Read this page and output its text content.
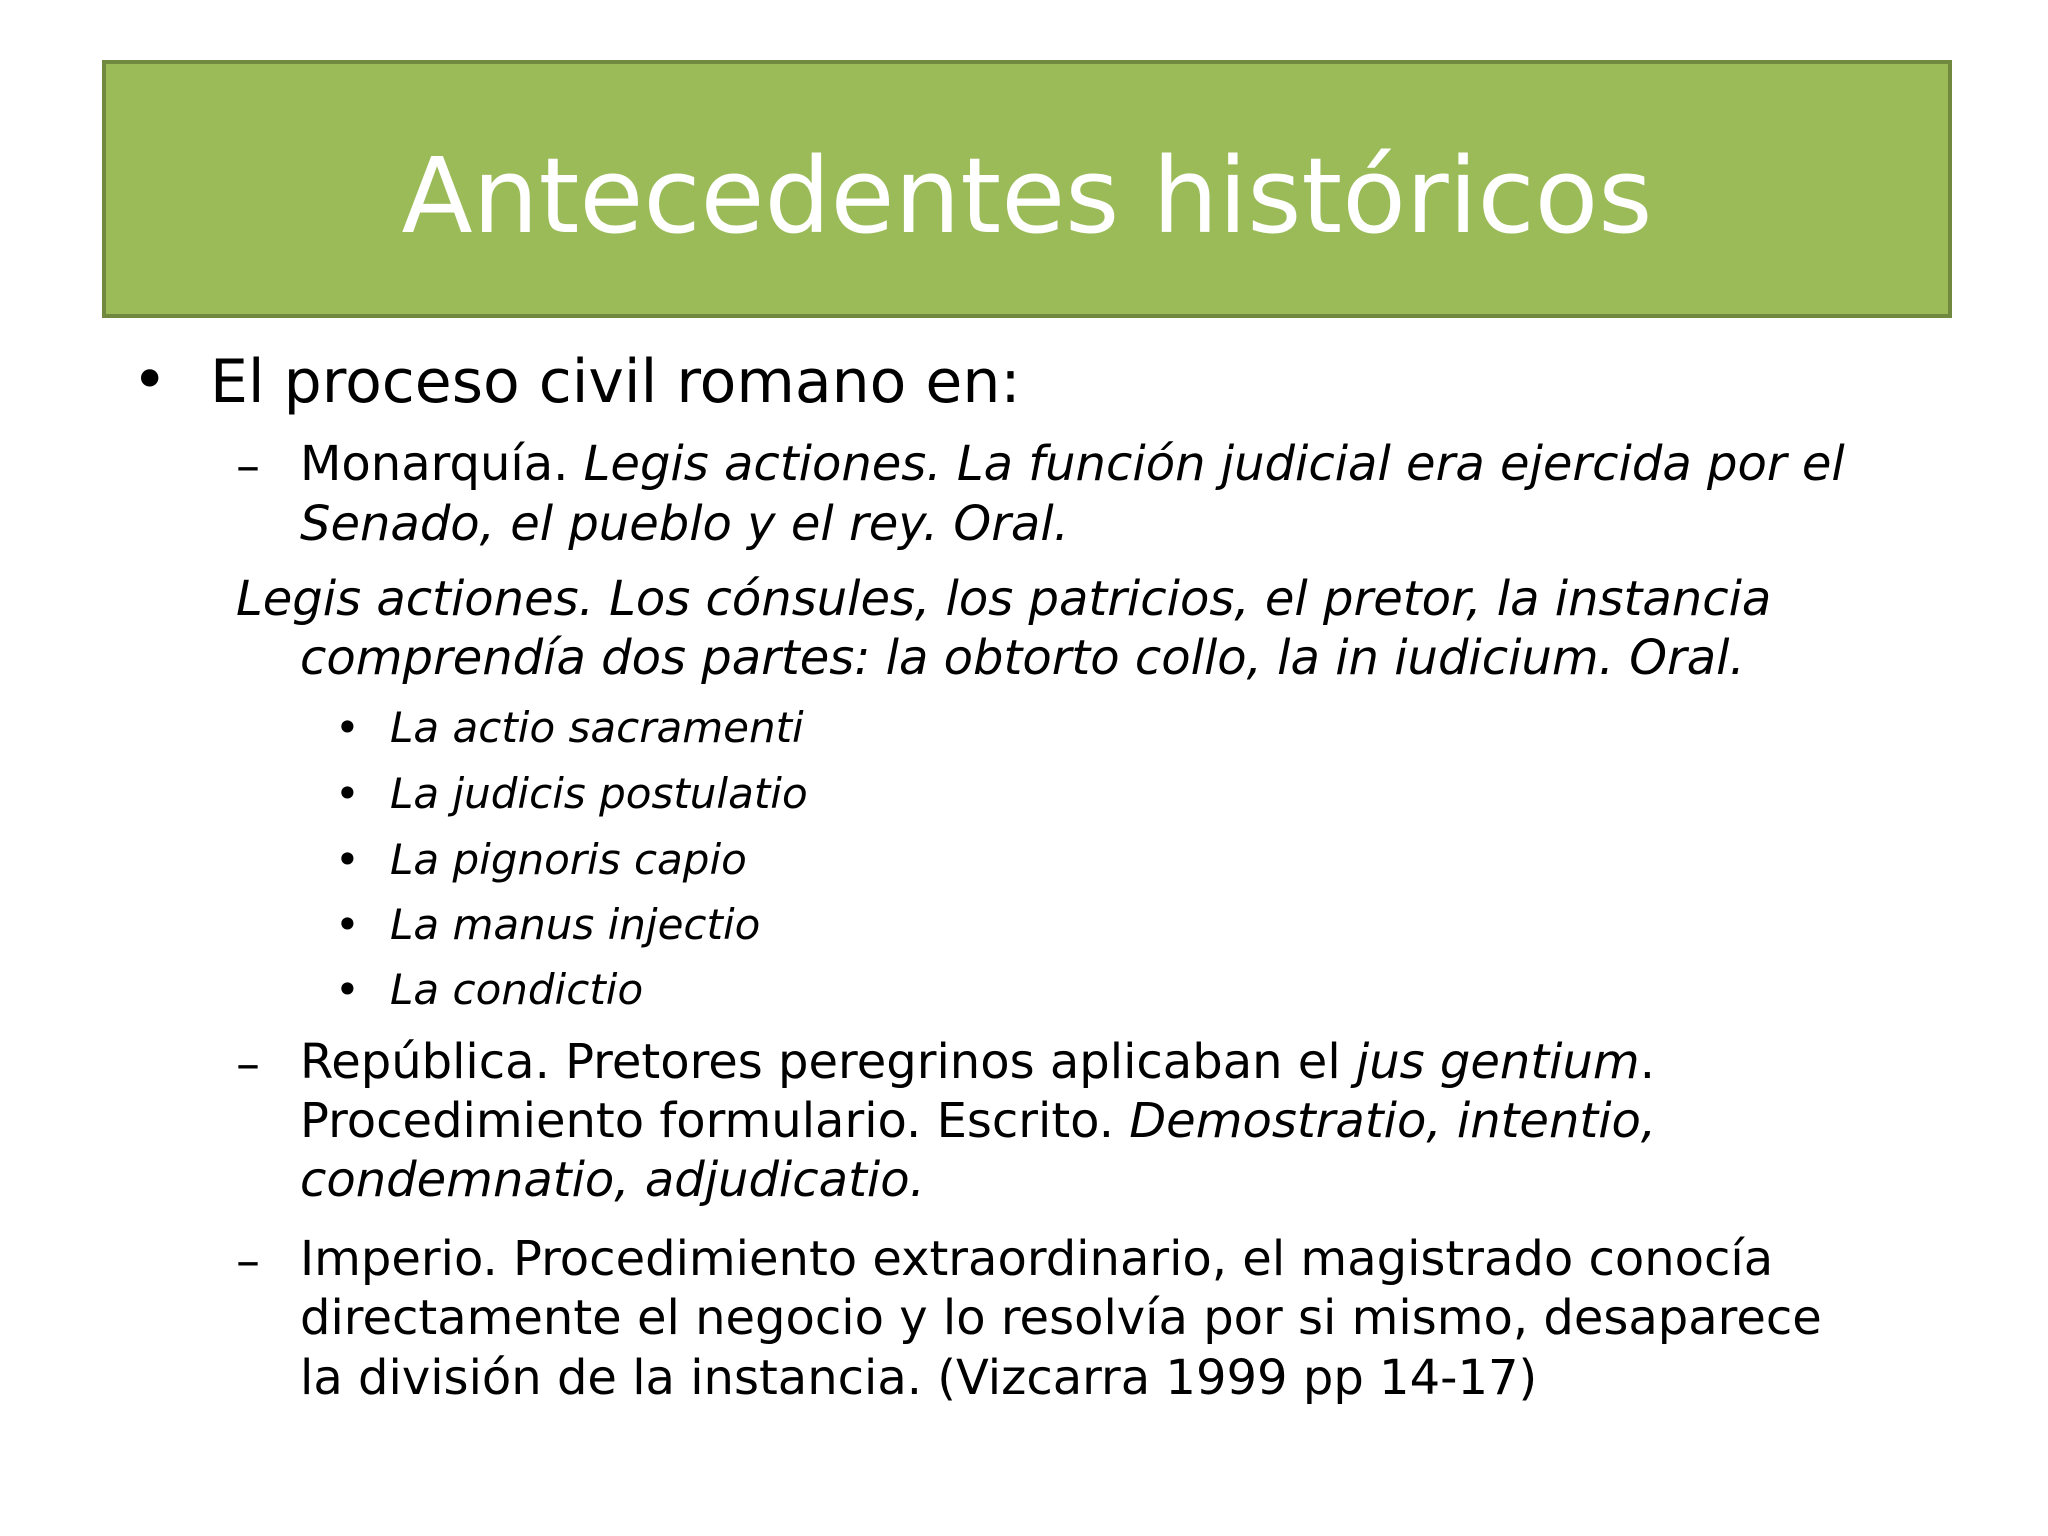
Antecedentes históricos
• El proceso civil romano en:
– Monarquía. Legis actiones. La función judicial era ejercida por el
Senado, el pueblo y el rey. Oral.
Legis actiones. Los cónsules, los patricios, el pretor, la instancia
comprendía dos partes: la obtorto collo, la in iudicium. Oral.
• La actio sacramenti
• La judicis postulatio
• La pignoris capio
• La manus injectio
• La condictio
– República. Pretores peregrinos aplicaban el jus gentium.
Procedimiento formulario. Escrito. Demostratio, intentio,
condemnatio, adjudicatio.
– Imperio. Procedimiento extraordinario, el magistrado conocía
directamente el negocio y lo resolvía por si mismo, desaparece
la división de la instancia. (Vizcarra 1999 pp 14-17)
